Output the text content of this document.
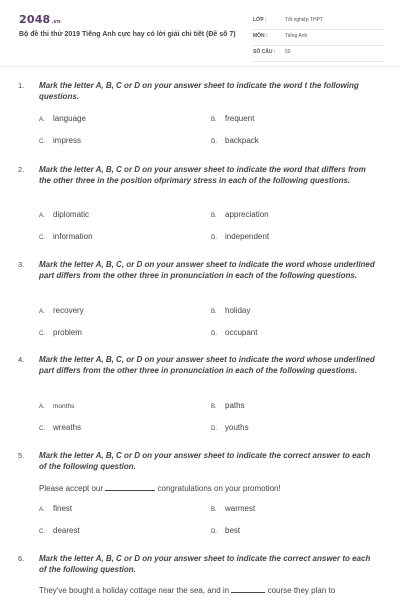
2048.vn
Bộ đề thi thử 2019 Tiếng Anh cực hay có lời giải chi tiết (Đề số 7)
LỚP :	Tốt nghiệp THPT
MÔN :	Tiếng Anh
SỐ CÂU : 50
1. Mark the letter A, B, C or D on your answer sheet to indicate the word t the following questions.
A. language	B. frequent
C. impress	D. backpack
2. Mark the letter A, B, C or D on your answer sheet to indicate the word that differs from the other three in the position ofprimary stress in each of the following questions.
A. diplomatic	B. appreciation
C. information	D. independent
3. Mark the letter A, B, C, or D on your answer sheet to indicate the word whose underlined part differs from the other three in pronunciation in each of the following questions.
A. recovery	B. holiday
C. problem	D. occupant
4. Mark the letter A, B, C, or D on your answer sheet to indicate the word whose underlined part differs from the other three in pronunciation in each of the following questions.
A. months	B. paths
C. wreaths	D. youths
5. Mark the letter A, B, C or D on your answer sheet to indicate the correct answer to each of the following question.
Please accept our	congratulations on your promotion!
A. finest	B. warmest
C. dearest	D. best
6. Mark the letter A, B, C or D on your answer sheet to indicate the correct answer to each of the following question.
They've bought a holiday cottage near the sea, and in	course they plan to
